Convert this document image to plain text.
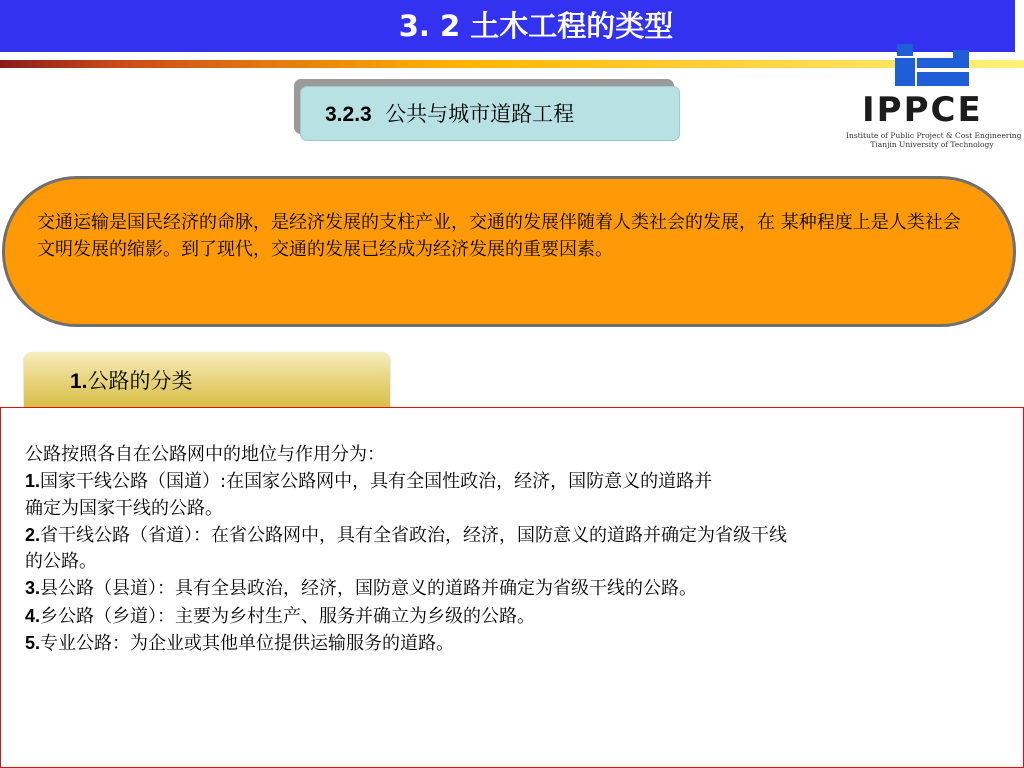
3. 2 土木工程的类型
IPPCE
Institute of Public Project & Cost Engineering
Tianjin University of Technology
3.2.3 公共与城市道路工程
交通运输是国民经济的命脉，是经济发展的支柱产业，交通的发展伴随着人类社会的发展，在 某种程度上是人类社会文明发展的缩影。到了现代，交通的发展已经成为经济发展的重要因素。
1.公路的分类
公路按照各自在公路网中的地位与作用分为：
1.国家干线公路（国道）:在国家公路网中，具有全国性政治，经济，国防意义的道路并
确定为国家干线的公路。
2.省干线公路（省道）：在省公路网中，具有全省政治，经济，国防意义的道路并确定为省级干线
的公路。
3.县公路（县道）：具有全县政治，经济，国防意义的道路并确定为省级干线的公路。
4.乡公路（乡道）：主要为乡村生产、服务并确立为乡级的公路。
5.专业公路：为企业或其他单位提供运输服务的道路。
